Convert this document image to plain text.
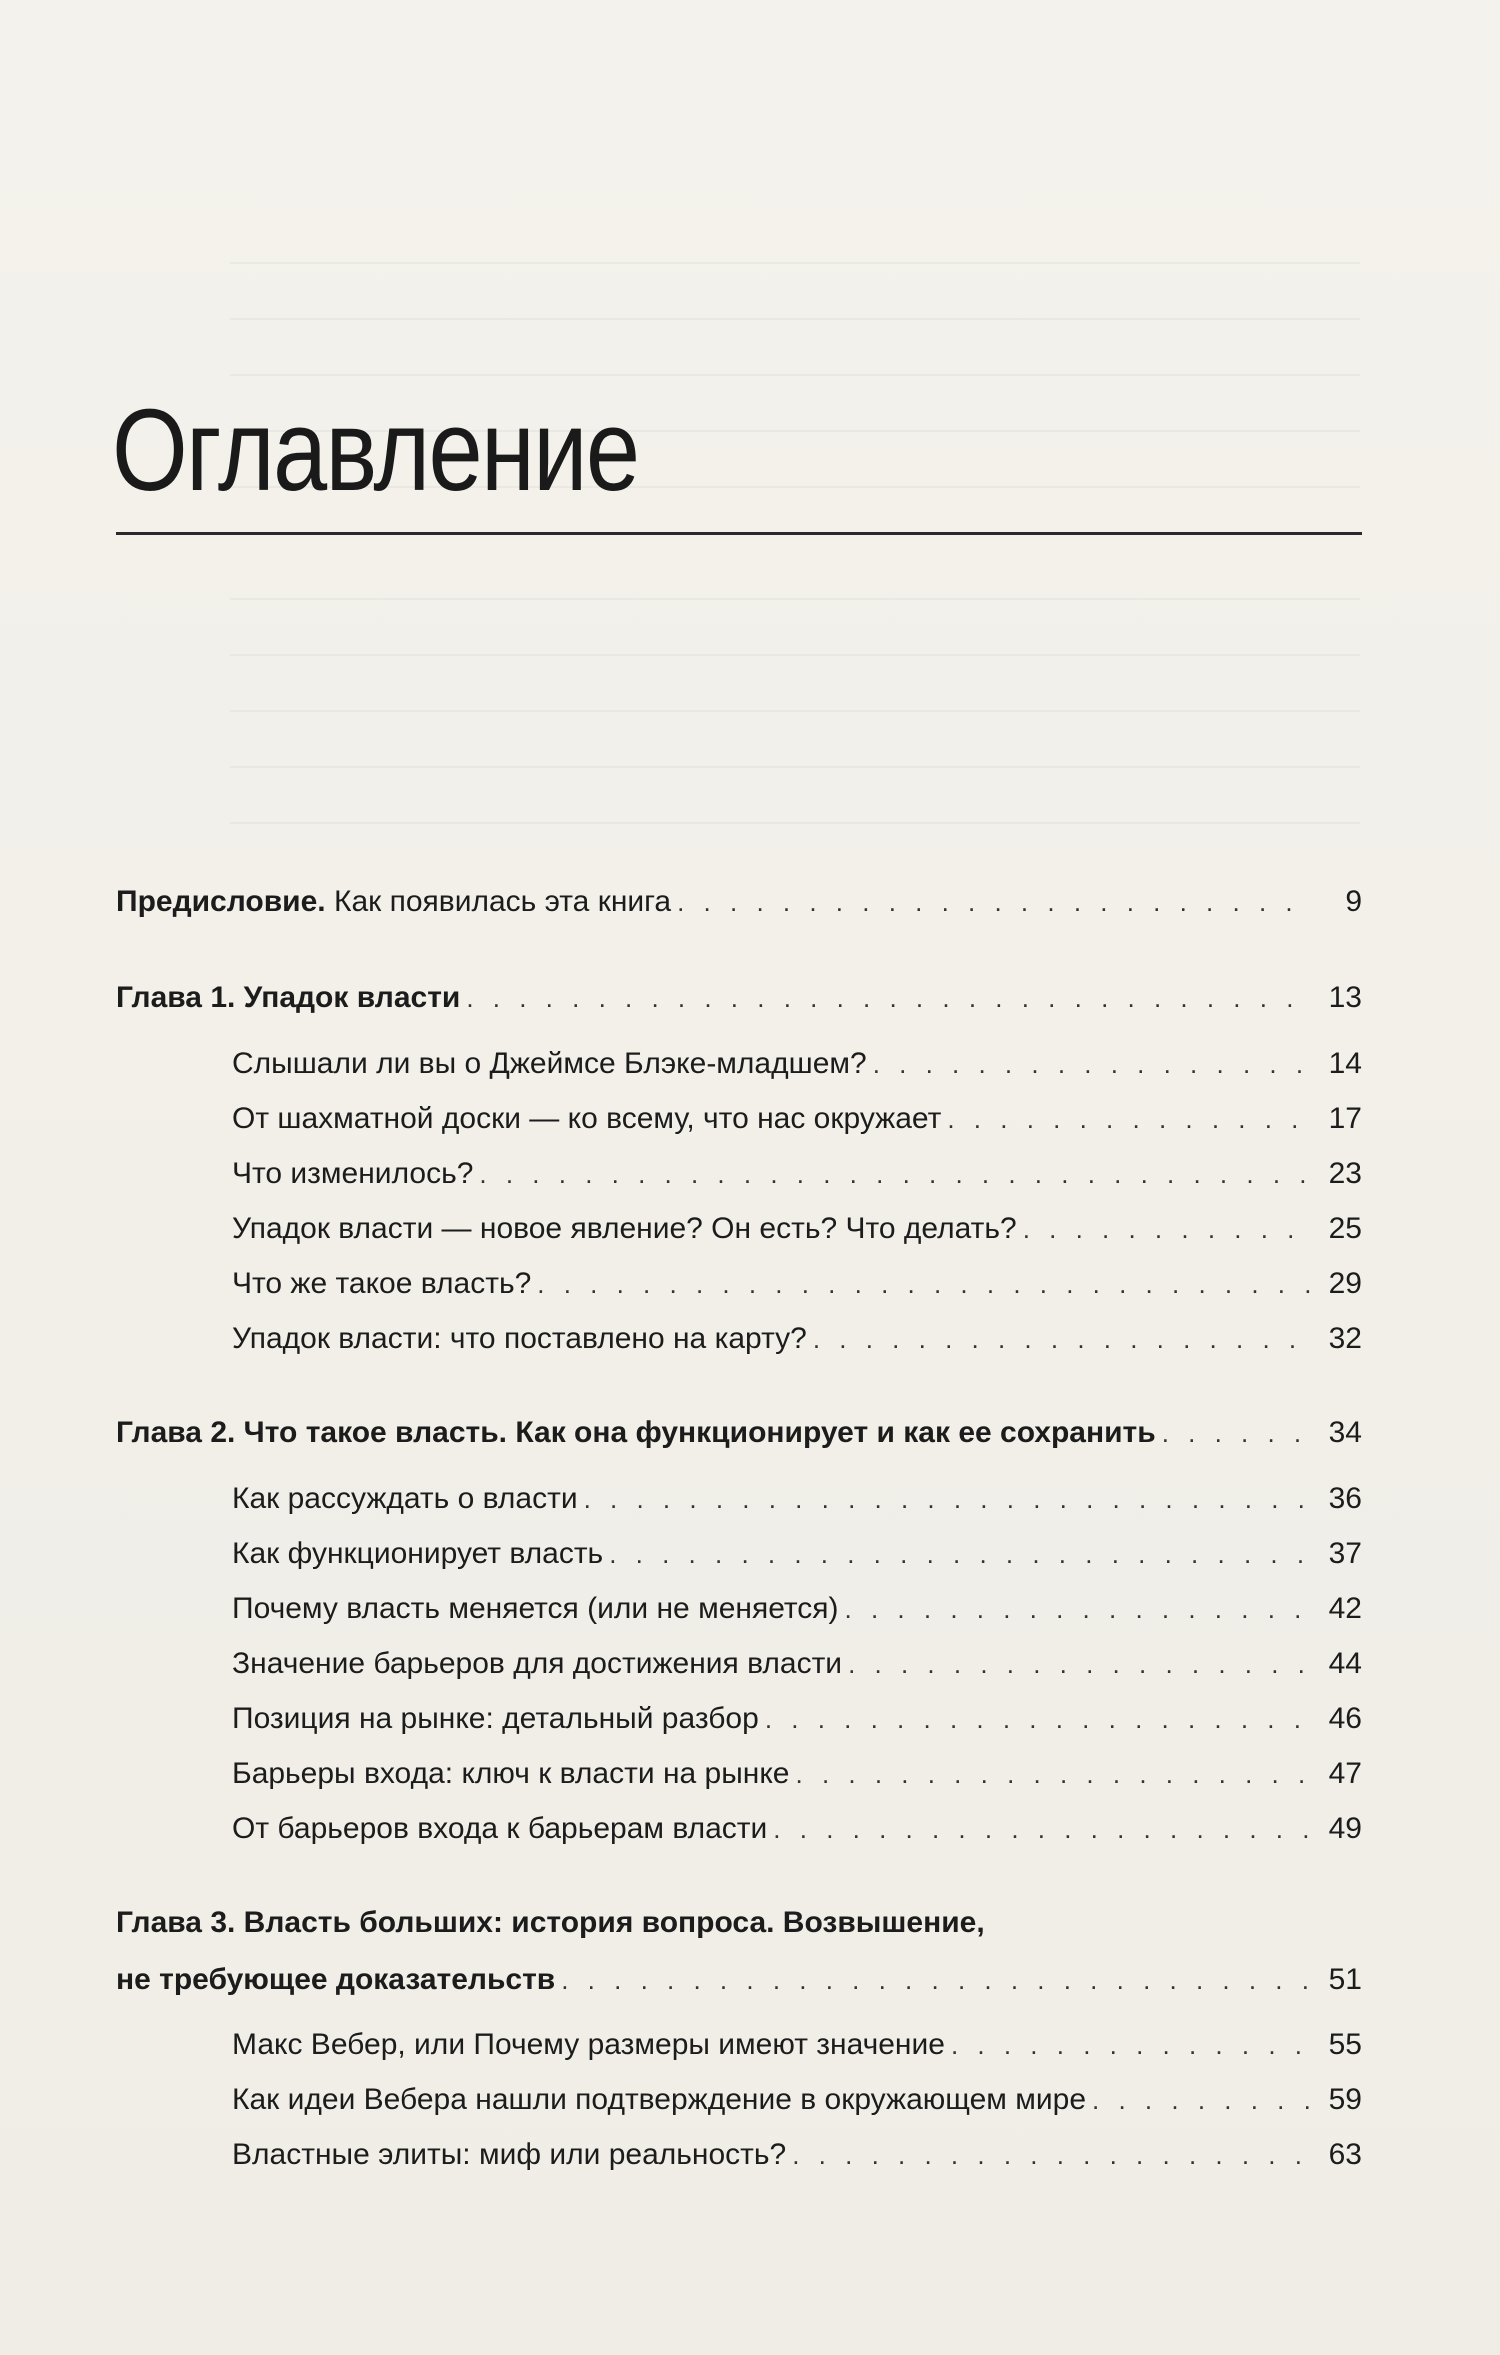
Оглавление
Предисловие. Как появилась эта книга . . .	9
Глава 1. Упадок власти . . .	13
Слышали ли вы о Джеймсе Блэке-младшем? . . .	14
От шахматной доски — ко всему, что нас окружает . . .	17
Что изменилось? . . .	23
Упадок власти — новое явление? Он есть? Что делать? . . .	25
Что же такое власть? . . .	29
Упадок власти: что поставлено на карту? . . .	32
Глава 2. Что такое власть. Как она функционирует и как ее сохранить . . .	34
Как рассуждать о власти . . .	36
Как функционирует власть . . .	37
Почему власть меняется (или не меняется) . . .	42
Значение барьеров для достижения власти . . .	44
Позиция на рынке: детальный разбор . . .	46
Барьеры входа: ключ к власти на рынке . . .	47
От барьеров входа к барьерам власти . . .	49
Глава 3. Власть больших: история вопроса. Возвышение,
не требующее доказательств . . .	51
Макс Вебер, или Почему размеры имеют значение . . .	55
Как идеи Вебера нашли подтверждение в окружающем мире . . .	59
Властные элиты: миф или реальность? . . .	63
